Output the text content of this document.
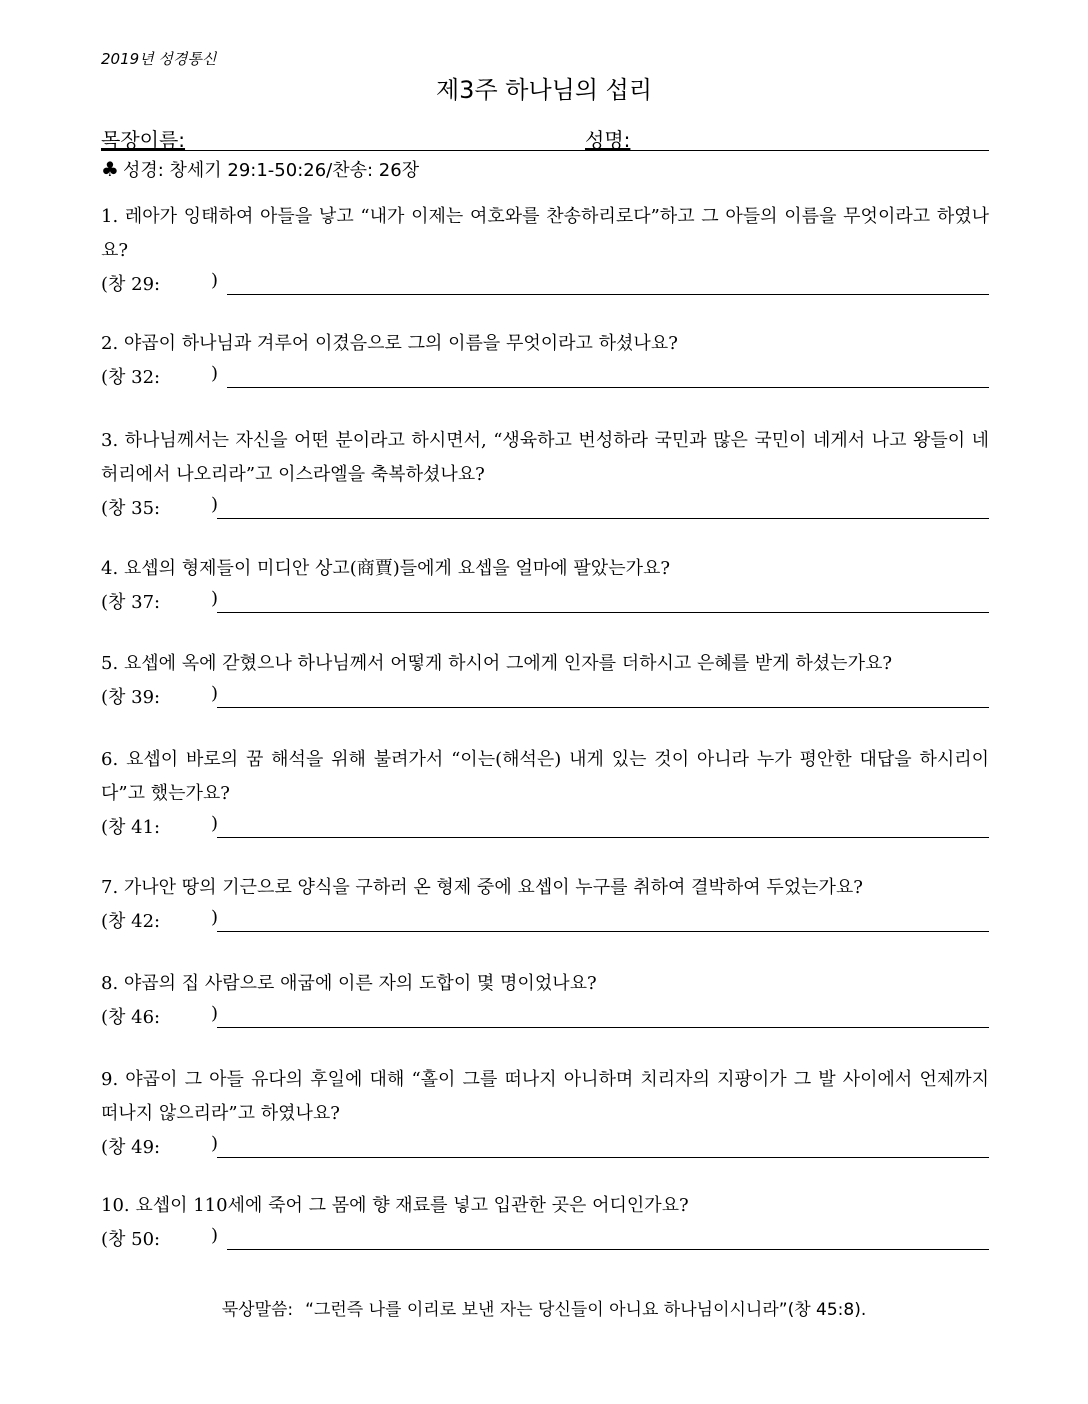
2019년 성경통신
제3주 하나님의 섭리
목장이름:	성명:
♣ 성경: 창세기 29:1-50:26/찬송: 26장

1. 레아가 잉태하여 아들을 낳고 “내가 이제는 여호와를 찬송하리로다”하고 그 아들의 이름을 무엇이라고 하였나요?

(창 29:	)

2. 야곱이 하나님과 겨루어 이겼음으로 그의 이름을 무엇이라고 하셨나요?

(창 32:	)

3. 하나님께서는 자신을 어떤 분이라고 하시면서, “생육하고 번성하라 국민과 많은 국민이 네게서 나고 왕들이 네 허리에서 나오리라”고 이스라엘을 축복하셨나요?

(창 35:	)

4. 요셉의 형제들이 미디안 상고(商賈)들에게 요셉을 얼마에 팔았는가요?

(창 37:	)

5. 요셉에 옥에 갇혔으나 하나님께서 어떻게 하시어 그에게 인자를 더하시고 은혜를 받게 하셨는가요?

(창 39:	)

6. 요셉이 바로의 꿈 해석을 위해 불려가서 “이는(해석은) 내게 있는 것이 아니라 누가 평안한 대답을 하시리이다”고 했는가요?

(창 41:	)

7. 가나안 땅의 기근으로 양식을 구하러 온 형제 중에 요셉이 누구를 취하여 결박하여 두었는가요?

(창 42:	)

8. 야곱의 집 사람으로 애굽에 이른 자의 도합이 몇 명이었나요?

(창 46:	)

9. 야곱이 그 아들 유다의 후일에 대해 “홀이 그를 떠나지 아니하며 치리자의 지팡이가 그 발 사이에서 언제까지 떠나지 않으리라”고 하였나요?

(창 49:	)

10. 요셉이 110세에 죽어 그 몸에 향 재료를 넣고 입관한 곳은 어디인가요?

(창 50:	)
묵상말씀: “그런즉 나를 이리로 보낸 자는 당신들이 아니요 하나님이시니라”(창 45:8).
